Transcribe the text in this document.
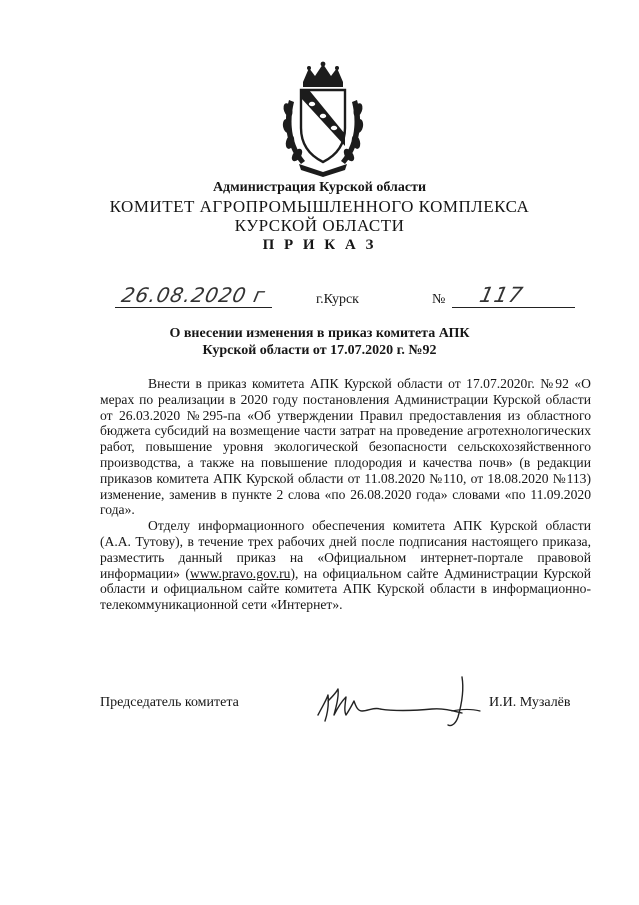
Администрация Курской области
КОМИТЕТ АГРОПРОМЫШЛЕННОГО КОМПЛЕКСА
КУРСКОЙ ОБЛАСТИ
П Р И К А З
26.08.2020 г	г.Курск	№ 117
О внесении изменения в приказ комитета АПК
Курской области от 17.07.2020 г. №92

Внести в приказ комитета АПК Курской области от 17.07.2020г. №92 «О мерах по реализации в 2020 году постановления Администрации Курской области от 26.03.2020 №295-па «Об утверждении Правил предоставления из областного бюджета субсидий на возмещение части затрат на проведение агротехнологических работ, повышение уровня экологической безопасности сельскохозяйственного производства, а также на повышение плодородия и качества почв» (в редакции приказов комитета АПК Курской области от 11.08.2020 №110, от 18.08.2020 №113) изменение, заменив в пункте 2 слова «по 26.08.2020 года» словами «по 11.09.2020 года».

Отделу информационного обеспечения комитета АПК Курской области (А.А. Тутову), в течение трех рабочих дней после подписания настоящего приказа, разместить данный приказ на «Официальном интернет-портале правовой информации» (www.pravo.gov.ru), на официальном сайте Администрации Курской области и официальном сайте комитета АПК Курской области в информационно-телекоммуникационной сети «Интернет».

Председатель комитета	И.И. Музалёв
